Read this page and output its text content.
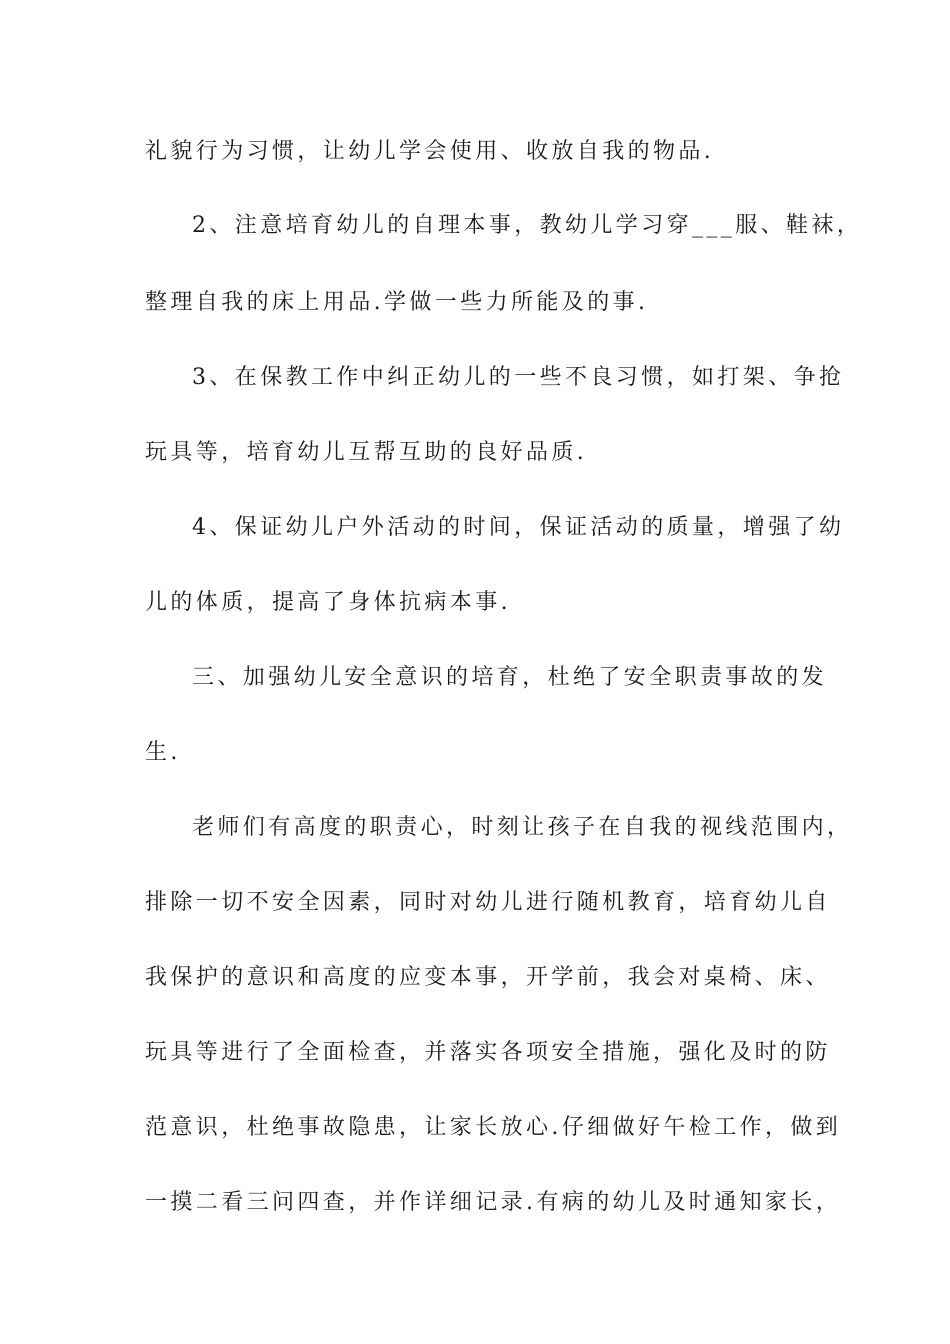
礼貌行为习惯，让幼儿学会使用、收放自我的物品.
2、注意培育幼儿的自理本事，教幼儿学习穿___服、鞋袜，
整理自我的床上用品.学做一些力所能及的事.
3、在保教工作中纠正幼儿的一些不良习惯，如打架、争抢
玩具等，培育幼儿互帮互助的良好品质.
4、保证幼儿户外活动的时间，保证活动的质量，增强了幼
儿的体质，提高了身体抗病本事.
三、加强幼儿安全意识的培育，杜绝了安全职责事故的发
生.
老师们有高度的职责心，时刻让孩子在自我的视线范围内，
排除一切不安全因素，同时对幼儿进行随机教育，培育幼儿自
我保护的意识和高度的应变本事，开学前，我会对桌椅、床、
玩具等进行了全面检查，并落实各项安全措施，强化及时的防
范意识，杜绝事故隐患，让家长放心.仔细做好午检工作，做到
一摸二看三问四查，并作详细记录.有病的幼儿及时通知家长，
